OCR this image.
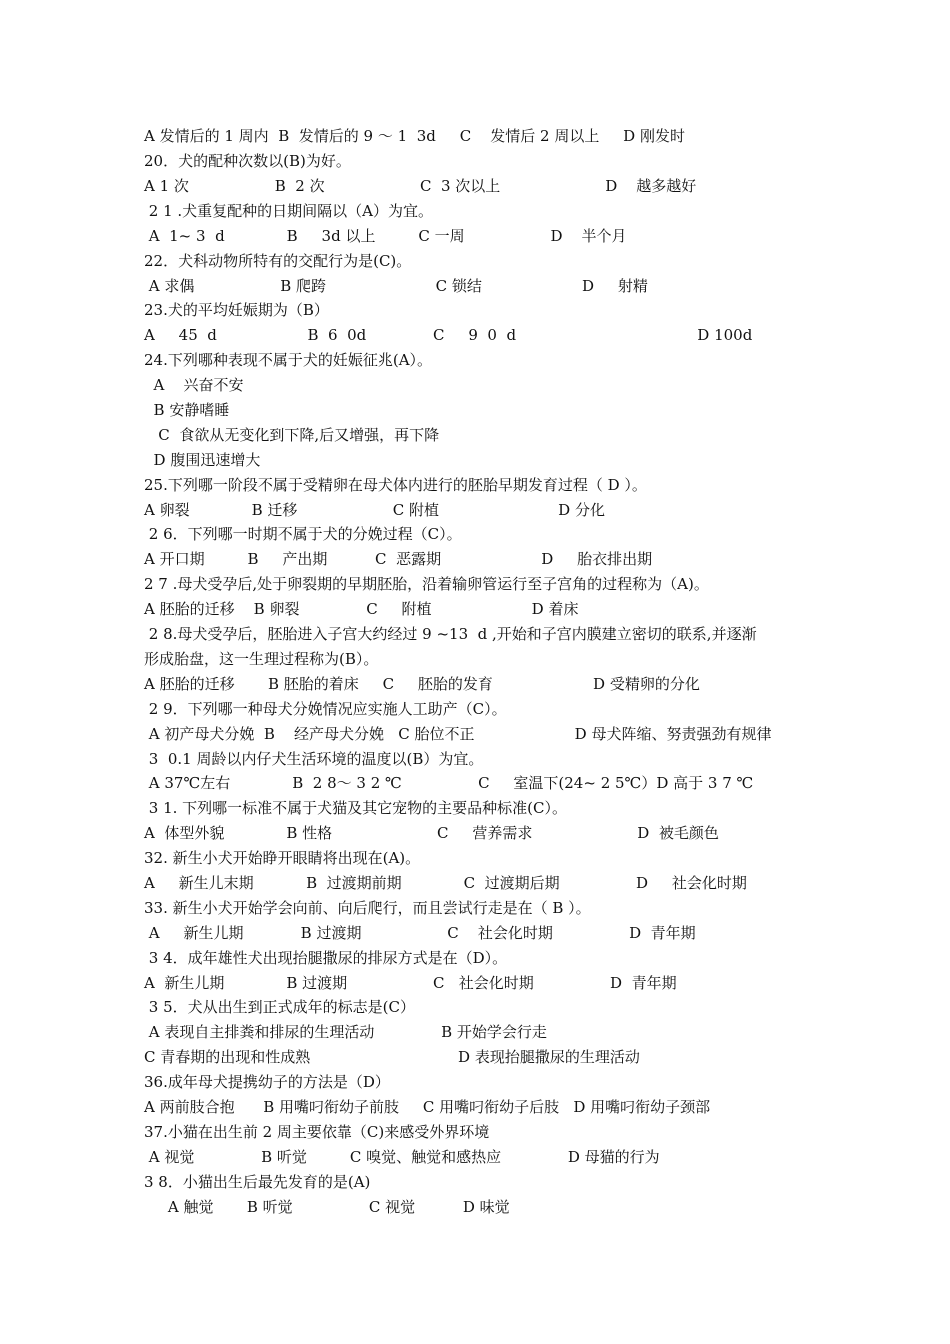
A 发情后的 1 周内  B  发情后的 9 ～ 1  3d     C    发情后 2 周以上     D 刚发时
20．犬的配种次数以(B)为好。
A 1 次                  B  2 次                    C  3 次以上                      D    越多越好
2 1 .犬重复配种的日期间隔以（A）为宜。
A  1~ 3  d             B     3d 以上         C 一周                  D    半个月
22．犬科动物所特有的交配行为是(C)。
A 求偶                  B 爬跨                       C 锁结                     D     射精
23.犬的平均妊娠期为（B）
A     45  d                   B  6  0d              C     9  0  d                                      D 100d
24.下列哪种表现不属于犬的妊娠征兆(A）。
A    兴奋不安
B 安静嗜睡
C  食欲从无变化到下降,后又增强，再下降
D 腹围迅速增大
25.下列哪一阶段不属于受精卵在母犬体内进行的胚胎早期发育过程（ D ）。
A 卵裂             B 迁移                    C 附植                         D 分化
2 6．下列哪一时期不属于犬的分娩过程（C）。
A 开口期         B     产出期          C  恶露期                     D     胎衣排出期
2 7 .母犬受孕后,处于卵裂期的早期胚胎，沿着输卵管运行至子宫角的过程称为（A)。
A 胚胎的迁移    B 卵裂              C     附植                     D 着床
2 8.母犬受孕后，胚胎进入子宫大约经过 9 ~13  d ,开始和子宫内膜建立密切的联系,并逐渐
形成胎盘，这一生理过程称为(B）。
A 胚胎的迁移       B 胚胎的着床     C     胚胎的发育                     D 受精卵的分化
2 9．下列哪一种母犬分娩情况应实施人工助产（C）。
A 初产母犬分娩  B    经产母犬分娩   C 胎位不正                     D 母犬阵缩、努责强劲有规律
3  0.1 周龄以内仔犬生活环境的温度以(B）为宜。
A 37℃左右             B  2 8～ 3 2 ℃                C     室温下(24~ 2 5℃）D 高于 3 7 ℃
3 1. 下列哪一标准不属于犬猫及其它宠物的主要品种标准(C）。
A  体型外貌             B 性格                      C     营养需求                      D  被毛颜色
32. 新生小犬开始睁开眼睛将出现在(A)。
A     新生儿末期           B  过渡期前期             C  过渡期后期                D     社会化时期
33. 新生小犬开始学会向前、向后爬行，而且尝试行走是在（ B ）。
A     新生儿期            B 过渡期                  C    社会化时期                D  青年期
3 4．成年雄性犬出现抬腿撒尿的排尿方式是在（D）。
A  新生儿期             B 过渡期                  C   社会化时期                D  青年期
3 5．犬从出生到正式成年的标志是(C）
A 表现自主排粪和排尿的生理活动              B 开始学会行走
C 青春期的出现和性成熟                               D 表现抬腿撒尿的生理活动
36.成年母犬提携幼子的方法是（D）
A 两前肢合抱      B 用嘴叼衔幼子前肢     C 用嘴叼衔幼子后肢   D 用嘴叼衔幼子颈部
37.小猫在出生前 2 周主要依靠（C)来感受外界环境
A 视觉              B 听觉         C 嗅觉、触觉和感热应              D 母猫的行为
3 8．小猫出生后最先发育的是(A)
A 触觉       B 听觉                C 视觉          D 味觉
